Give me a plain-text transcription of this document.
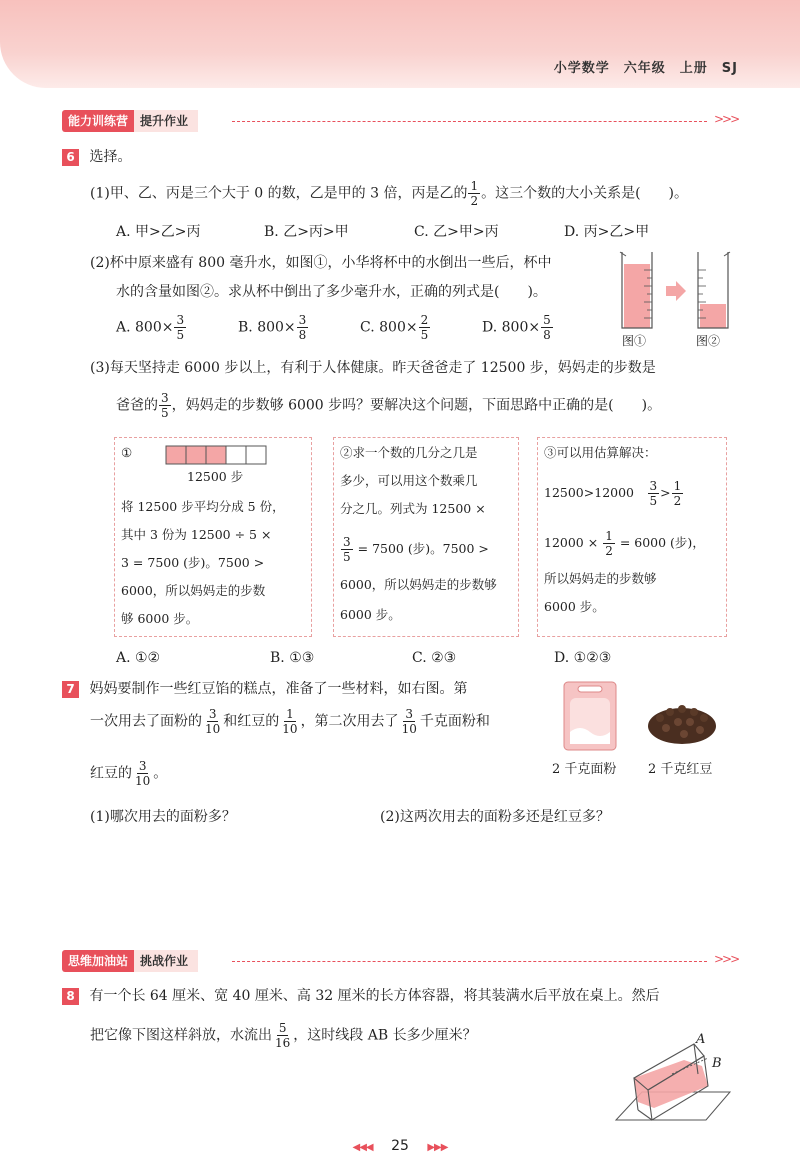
小学数学　六年级　上册　SJ
能力训练营 提升作业	>>>
6 选择。
(1)甲、乙、丙是三个大于 0 的数，乙是甲的 3 倍，丙是乙的 $\frac{1}{2}$ 。这三个数的大小关系是(　　)。
A. 甲>乙>丙	B. 乙>丙>甲	C. 乙>甲>丙	D. 丙>乙>甲
(2)杯中原来盛有 800 毫升水，如图①，小华将杯中的水倒出一些后，杯中
水的含量如图②。求从杯中倒出了多少毫升水，正确的列式是(　　)。
A. $800\times \frac{3}{5}$	B. $800\times \frac{3}{8}$	C. $800\times \frac{2}{5}$	D. $800\times \frac{5}{8}$	图①	图②
(3)每天坚持走 6000 步以上，有利于人体健康。昨天爸爸走了 12500 步，妈妈走的步数是
爸爸的 $\frac{3}{5}$ ，妈妈走的步数够 6000 步吗？要解决这个问题，下面思路中正确的是(　　)。
①
12500 步
将 12500 步平均分成 5 份，
其中 3 份为 12500 ÷ 5 ×
3 = 7500 (步)。7500 >
6000，所以妈妈走的步数
够 6000 步。
②求一个数的几分之几是
多少，可以用这个数乘几
分之几。列式为 12500 ×
$\frac{3}{5} = 7500$ (步)。7500 >
6000，所以妈妈走的步数够
6000 步。
③可以用估算解决：
12500>12000　 $\frac{3}{5} > \frac{1}{2}$
$12000 \times \frac{1}{2} = 6000$ (步)，
所以妈妈走的步数够
6000 步。
A. ①②	B. ①③	C. ②③	D. ①②③
7 妈妈要制作一些红豆馅的糕点，准备了一些材料，如右图。第
一次用去了面粉的 $\frac{3}{10}$ 和红豆的 $\frac{1}{10}$ ，第二次用去了 $\frac{3}{10}$ 千克面粉和
红豆的 $\frac{3}{10}$ 。	2 千克面粉 2 千克红豆
(1)哪次用去的面粉多？	(2)这两次用去的面粉多还是红豆多？
思维加油站 挑战作业	>>>
8 有一个长 64 厘米、宽 40 厘米、高 32 厘米的长方体容器，将其装满水后平放在桌上。然后
把它像下图这样斜放，水流出 $\frac{5}{16}$ ，这时线段 AB 长多少厘米？	A
B
◀◀◀ 25 ▶▶▶
